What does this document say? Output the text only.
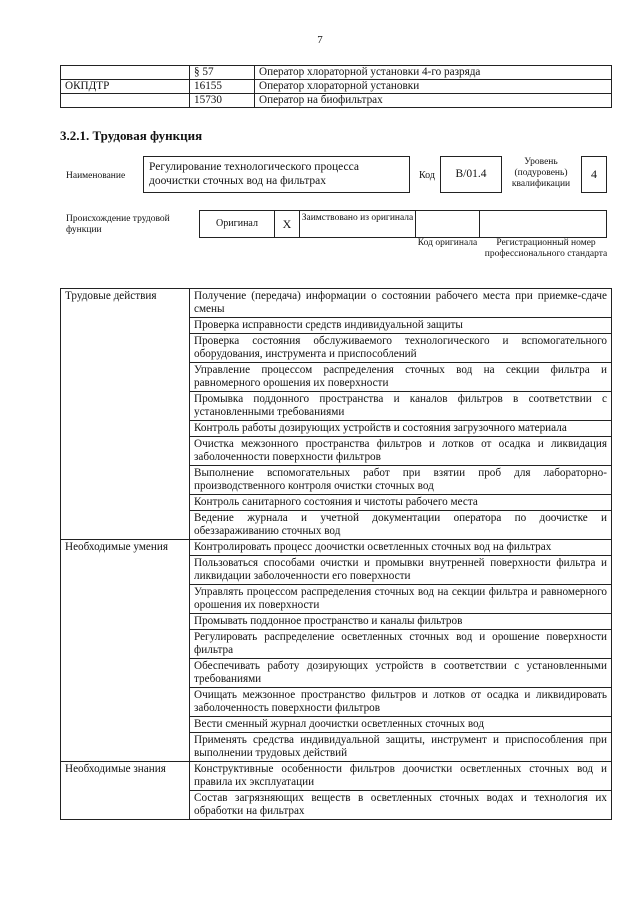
7
	§ 57	Оператор хлораторной установки 4-го разряда
ОКПДТР	16155	Оператор хлораторной установки
	15730	Оператор на биофильтрах
3.2.1. Трудовая функция
Наименование
Регулирование технологического процесса доочистки сточных вод на фильтрах	Код	В/01.4
Уровень (подуровень) квалификации
4
Происхождение трудовой функции
Оригинал	X	Заимствовано из оригинала
Код оригинала	Регистрационный номер профессионального стандарта
Трудовые действия	Получение (передача) информации о состоянии рабочего места при приемке-сдаче смены
	Проверка исправности средств индивидуальной защиты
	Проверка состояния обслуживаемого технологического и вспомогательного оборудования, инструмента и приспособлений
	Управление процессом распределения сточных вод на секции фильтра и равномерного орошения их поверхности
	Промывка поддонного пространства и каналов фильтров в соответствии с установленными требованиями
	Контроль работы дозирующих устройств и состояния загрузочного материала
	Очистка межзонного пространства фильтров и лотков от осадка и ликвидация заболоченности поверхности фильтров
	Выполнение вспомогательных работ при взятии проб для лабораторно-производственного контроля очистки сточных вод
	Контроль санитарного состояния и чистоты рабочего места
	Ведение журнала и учетной документации оператора по доочистке и обеззараживанию сточных вод
Необходимые умения	Контролировать процесс доочистки осветленных сточных вод на фильтрах
	Пользоваться способами очистки и промывки внутренней поверхности фильтра и ликвидации заболоченности его поверхности
	Управлять процессом распределения сточных вод на секции фильтра и равномерного орошения их поверхности
	Промывать поддонное пространство и каналы фильтров
	Регулировать распределение осветленных сточных вод и орошение поверхности фильтра
	Обеспечивать работу дозирующих устройств в соответствии с установленными требованиями
	Очищать межзонное пространство фильтров и лотков от осадка и ликвидировать заболоченность поверхности фильтров
	Вести сменный журнал доочистки осветленных сточных вод
	Применять средства индивидуальной защиты, инструмент и приспособления при выполнении трудовых действий
Необходимые знания	Конструктивные особенности фильтров доочистки осветленных сточных вод и правила их эксплуатации
	Состав загрязняющих веществ в осветленных сточных водах и технология их обработки на фильтрах
